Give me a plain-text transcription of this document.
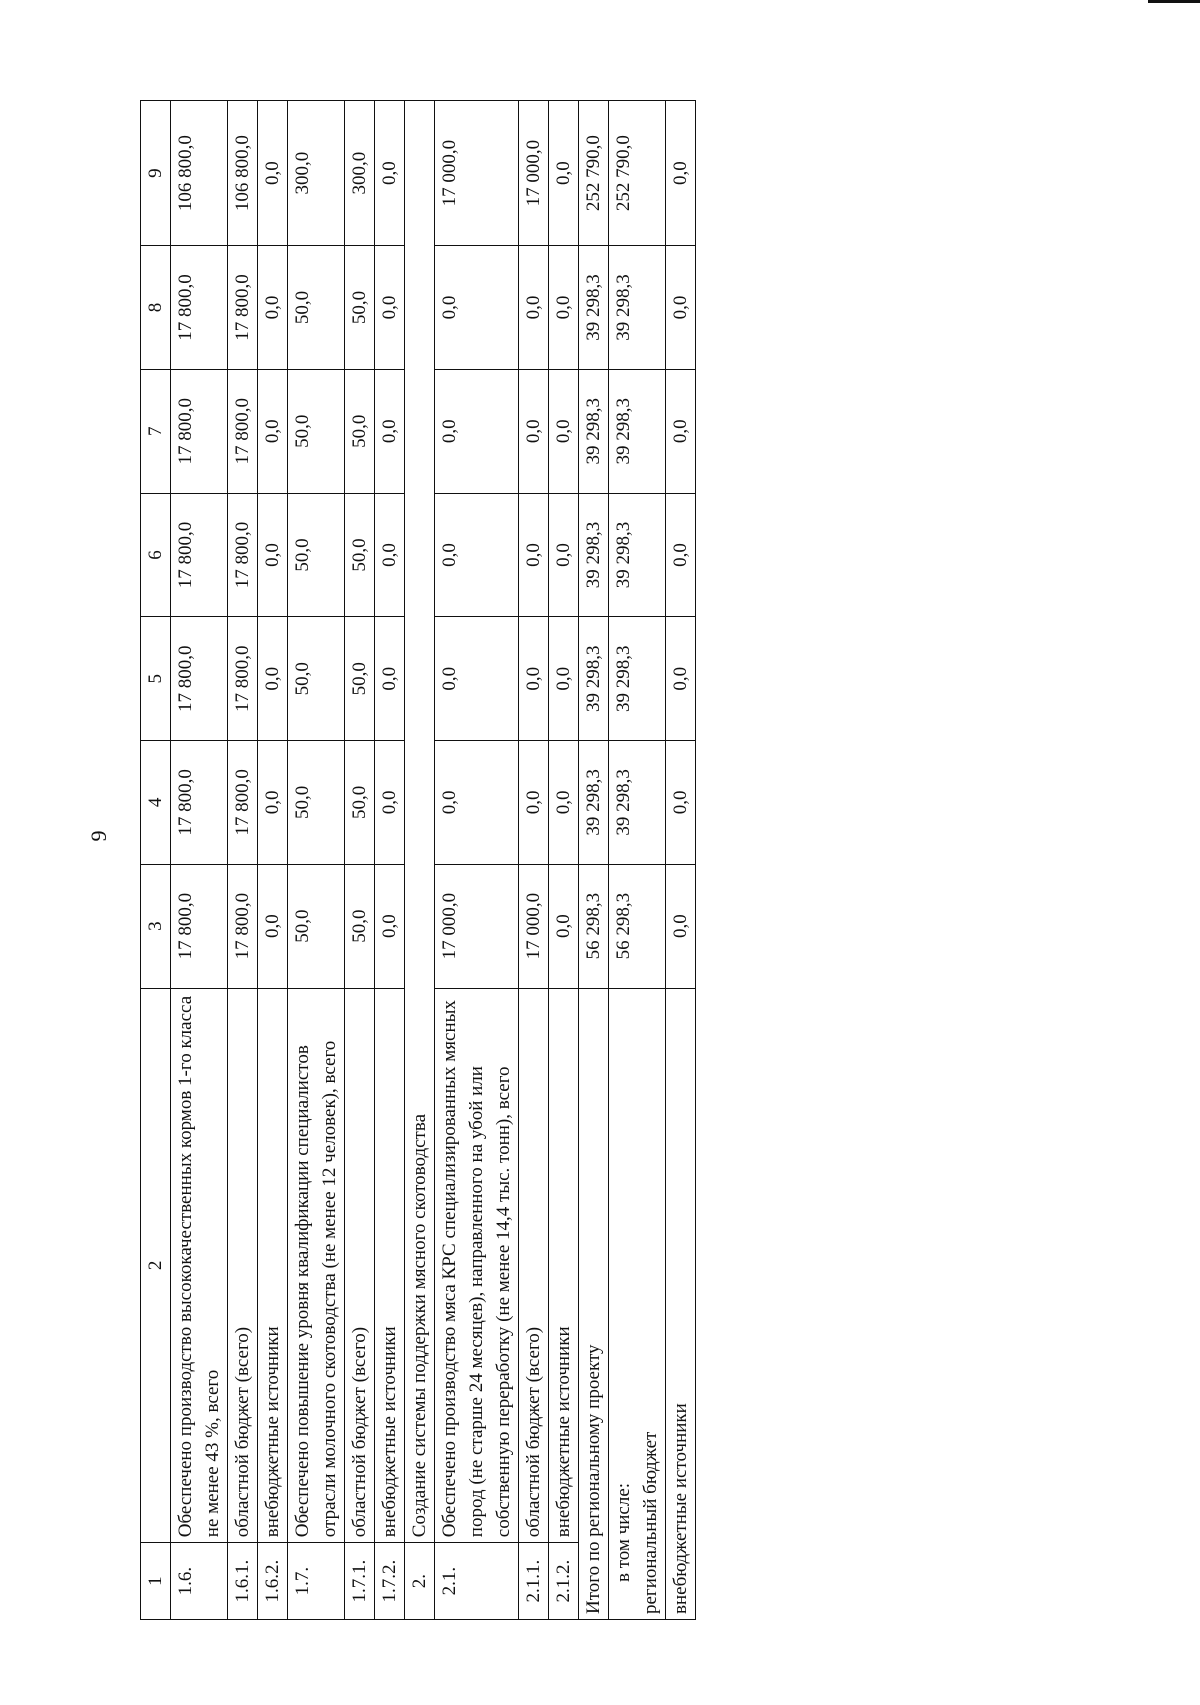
9
1	2	3	4	5	6	7	8	9
1.6.	Обеспечено производство высококачественных кормов 1-го класса не менее 43 %, всего	17 800,0	17 800,0	17 800,0	17 800,0	17 800,0	17 800,0	106 800,0
1.6.1.	областной бюджет (всего)	17 800,0	17 800,0	17 800,0	17 800,0	17 800,0	17 800,0	106 800,0
1.6.2.	внебюджетные источники	0,0	0,0	0,0	0,0	0,0	0,0	0,0
1.7.	Обеспечено повышение уровня квалификации специалистов отрасли молочного скотоводства (не менее 12 человек), всего	50,0	50,0	50,0	50,0	50,0	50,0	300,0
1.7.1.	областной бюджет (всего)	50,0	50,0	50,0	50,0	50,0	50,0	300,0
1.7.2.	внебюджетные источники	0,0	0,0	0,0	0,0	0,0	0,0	0,0
2.	Создание системы поддержки мясного скотоводства							
2.1.	Обеспечено производство мяса КРС специализированных мясных пород (не старше 24 месяцев), направленного на убой или собственную переработку (не менее 14,4 тыс. тонн), всего	17 000,0	0,0	0,0	0,0	0,0	0,0	17 000,0
2.1.1.	областной бюджет (всего)	17 000,0	0,0	0,0	0,0	0,0	0,0	17 000,0
2.1.2.	внебюджетные источники	0,0	0,0	0,0	0,0	0,0	0,0	0,0
Итого по региональному проекту		56 298,3	39 298,3	39 298,3	39 298,3	39 298,3	39 298,3	252 790,0

в том числе: региональный бюджет		56 298,3	39 298,3	39 298,3	39 298,3	39 298,3	39 298,3	252 790,0
внебюджетные источники		0,0	0,0	0,0	0,0	0,0	0,0	0,0
